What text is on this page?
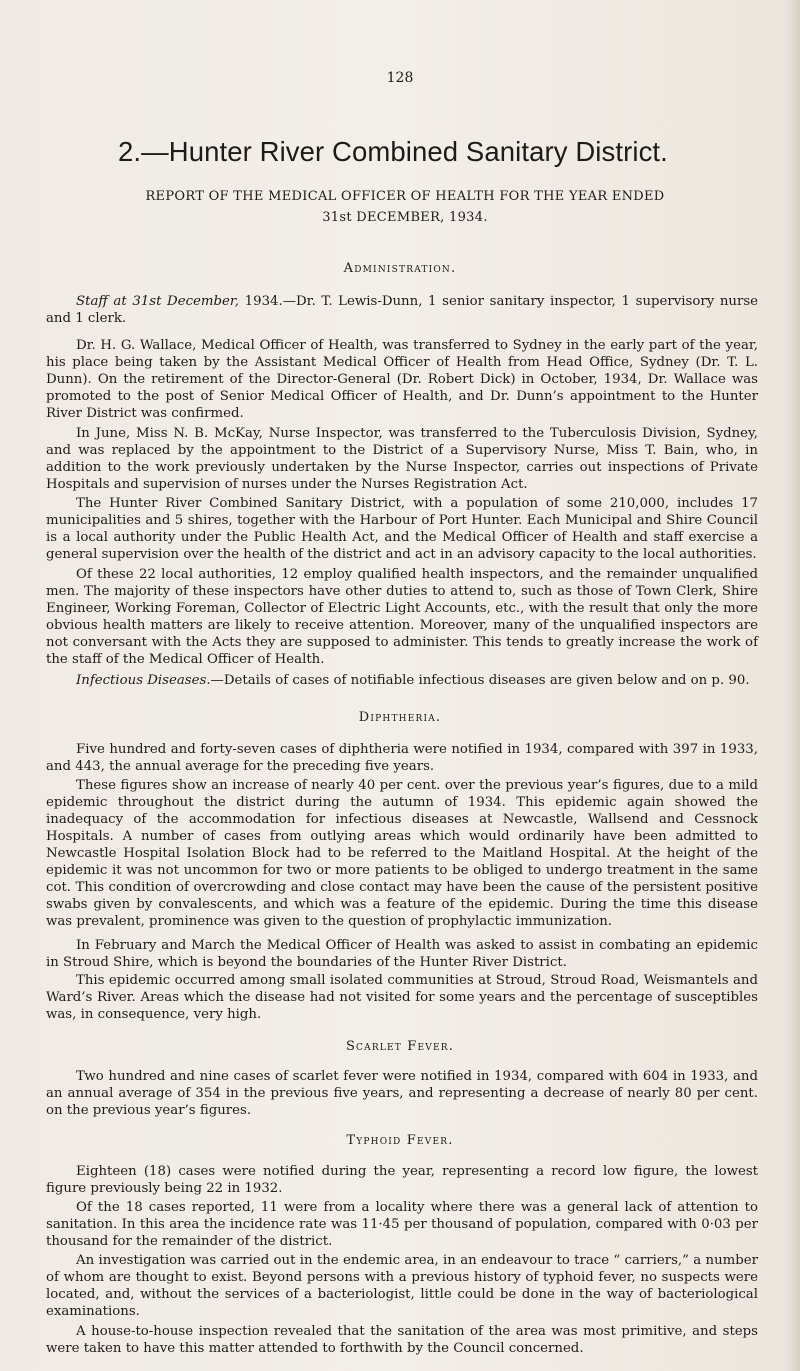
128
2.—Hunter River Combined Sanitary District.
REPORT OF THE MEDICAL OFFICER OF HEALTH FOR THE YEAR ENDED
31st DECEMBER, 1934.
Administration.

Staff at 31st December, 1934.—Dr. T. Lewis-Dunn, 1 senior sanitary inspector, 1 supervisory nurse and 1 clerk.

Dr. H. G. Wallace, Medical Officer of Health, was transferred to Sydney in the early part of the year, his place being taken by the Assistant Medical Officer of Health from Head Office, Sydney (Dr. T. L. Dunn). On the retirement of the Director-General (Dr. Robert Dick) in October, 1934, Dr. Wallace was promoted to the post of Senior Medical Officer of Health, and Dr. Dunn’s appointment to the Hunter River District was confirmed.

In June, Miss N. B. McKay, Nurse Inspector, was transferred to the Tuberculosis Division, Sydney, and was replaced by the appointment to the District of a Supervisory Nurse, Miss T. Bain, who, in addition to the work previously undertaken by the Nurse Inspector, carries out inspections of Private Hospitals and supervision of nurses under the Nurses Registration Act.

The Hunter River Combined Sanitary District, with a population of some 210,000, includes 17 municipalities and 5 shires, together with the Harbour of Port Hunter. Each Municipal and Shire Council is a local authority under the Public Health Act, and the Medical Officer of Health and staff exercise a general supervision over the health of the district and act in an advisory capacity to the local authorities.

Of these 22 local authorities, 12 employ qualified health inspectors, and the remainder unqualified men. The majority of these inspectors have other duties to attend to, such as those of Town Clerk, Shire Engineer, Working Foreman, Collector of Electric Light Accounts, etc., with the result that only the more obvious health matters are likely to receive attention. Moreover, many of the unqualified inspectors are not conversant with the Acts they are supposed to administer. This tends to greatly increase the work of the staff of the Medical Officer of Health.

Infectious Diseases.—Details of cases of notifiable infectious diseases are given below and on p. 90.

Diphtheria.

Five hundred and forty-seven cases of diphtheria were notified in 1934, compared with 397 in 1933, and 443, the annual average for the preceding five years.

These figures show an increase of nearly 40 per cent. over the previous year’s figures, due to a mild epidemic throughout the district during the autumn of 1934. This epidemic again showed the inadequacy of the accommodation for infectious diseases at Newcastle, Wallsend and Cessnock Hospitals. A number of cases from outlying areas which would ordinarily have been admitted to Newcastle Hospital Isolation Block had to be referred to the Maitland Hospital. At the height of the epidemic it was not uncommon for two or more patients to be obliged to undergo treatment in the same cot. This condition of overcrowding and close contact may have been the cause of the persistent positive swabs given by convalescents, and which was a feature of the epidemic. During the time this disease was prevalent, prominence was given to the question of prophylactic immunization.

In February and March the Medical Officer of Health was asked to assist in combating an epidemic in Stroud Shire, which is beyond the boundaries of the Hunter River District.

This epidemic occurred among small isolated communities at Stroud, Stroud Road, Weismantels and Ward’s River. Areas which the disease had not visited for some years and the percentage of susceptibles was, in consequence, very high.

Scarlet Fever.

Two hundred and nine cases of scarlet fever were notified in 1934, compared with 604 in 1933, and an annual average of 354 in the previous five years, and representing a decrease of nearly 80 per cent. on the previous year’s figures.

Typhoid Fever.

Eighteen (18) cases were notified during the year, representing a record low figure, the lowest figure previously being 22 in 1932.

Of the 18 cases reported, 11 were from a locality where there was a general lack of attention to sanitation. In this area the incidence rate was 11·45 per thousand of population, compared with 0·03 per thousand for the remainder of the district.

An investigation was carried out in the endemic area, in an endeavour to trace “ carriers,” a number of whom are thought to exist. Beyond persons with a previous history of typhoid fever, no suspects were located, and, without the services of a bacteriologist, little could be done in the way of bacteriological examinations.

A house-to-house inspection revealed that the sanitation of the area was most primitive, and steps were taken to have this matter attended to forthwith by the Council concerned.
